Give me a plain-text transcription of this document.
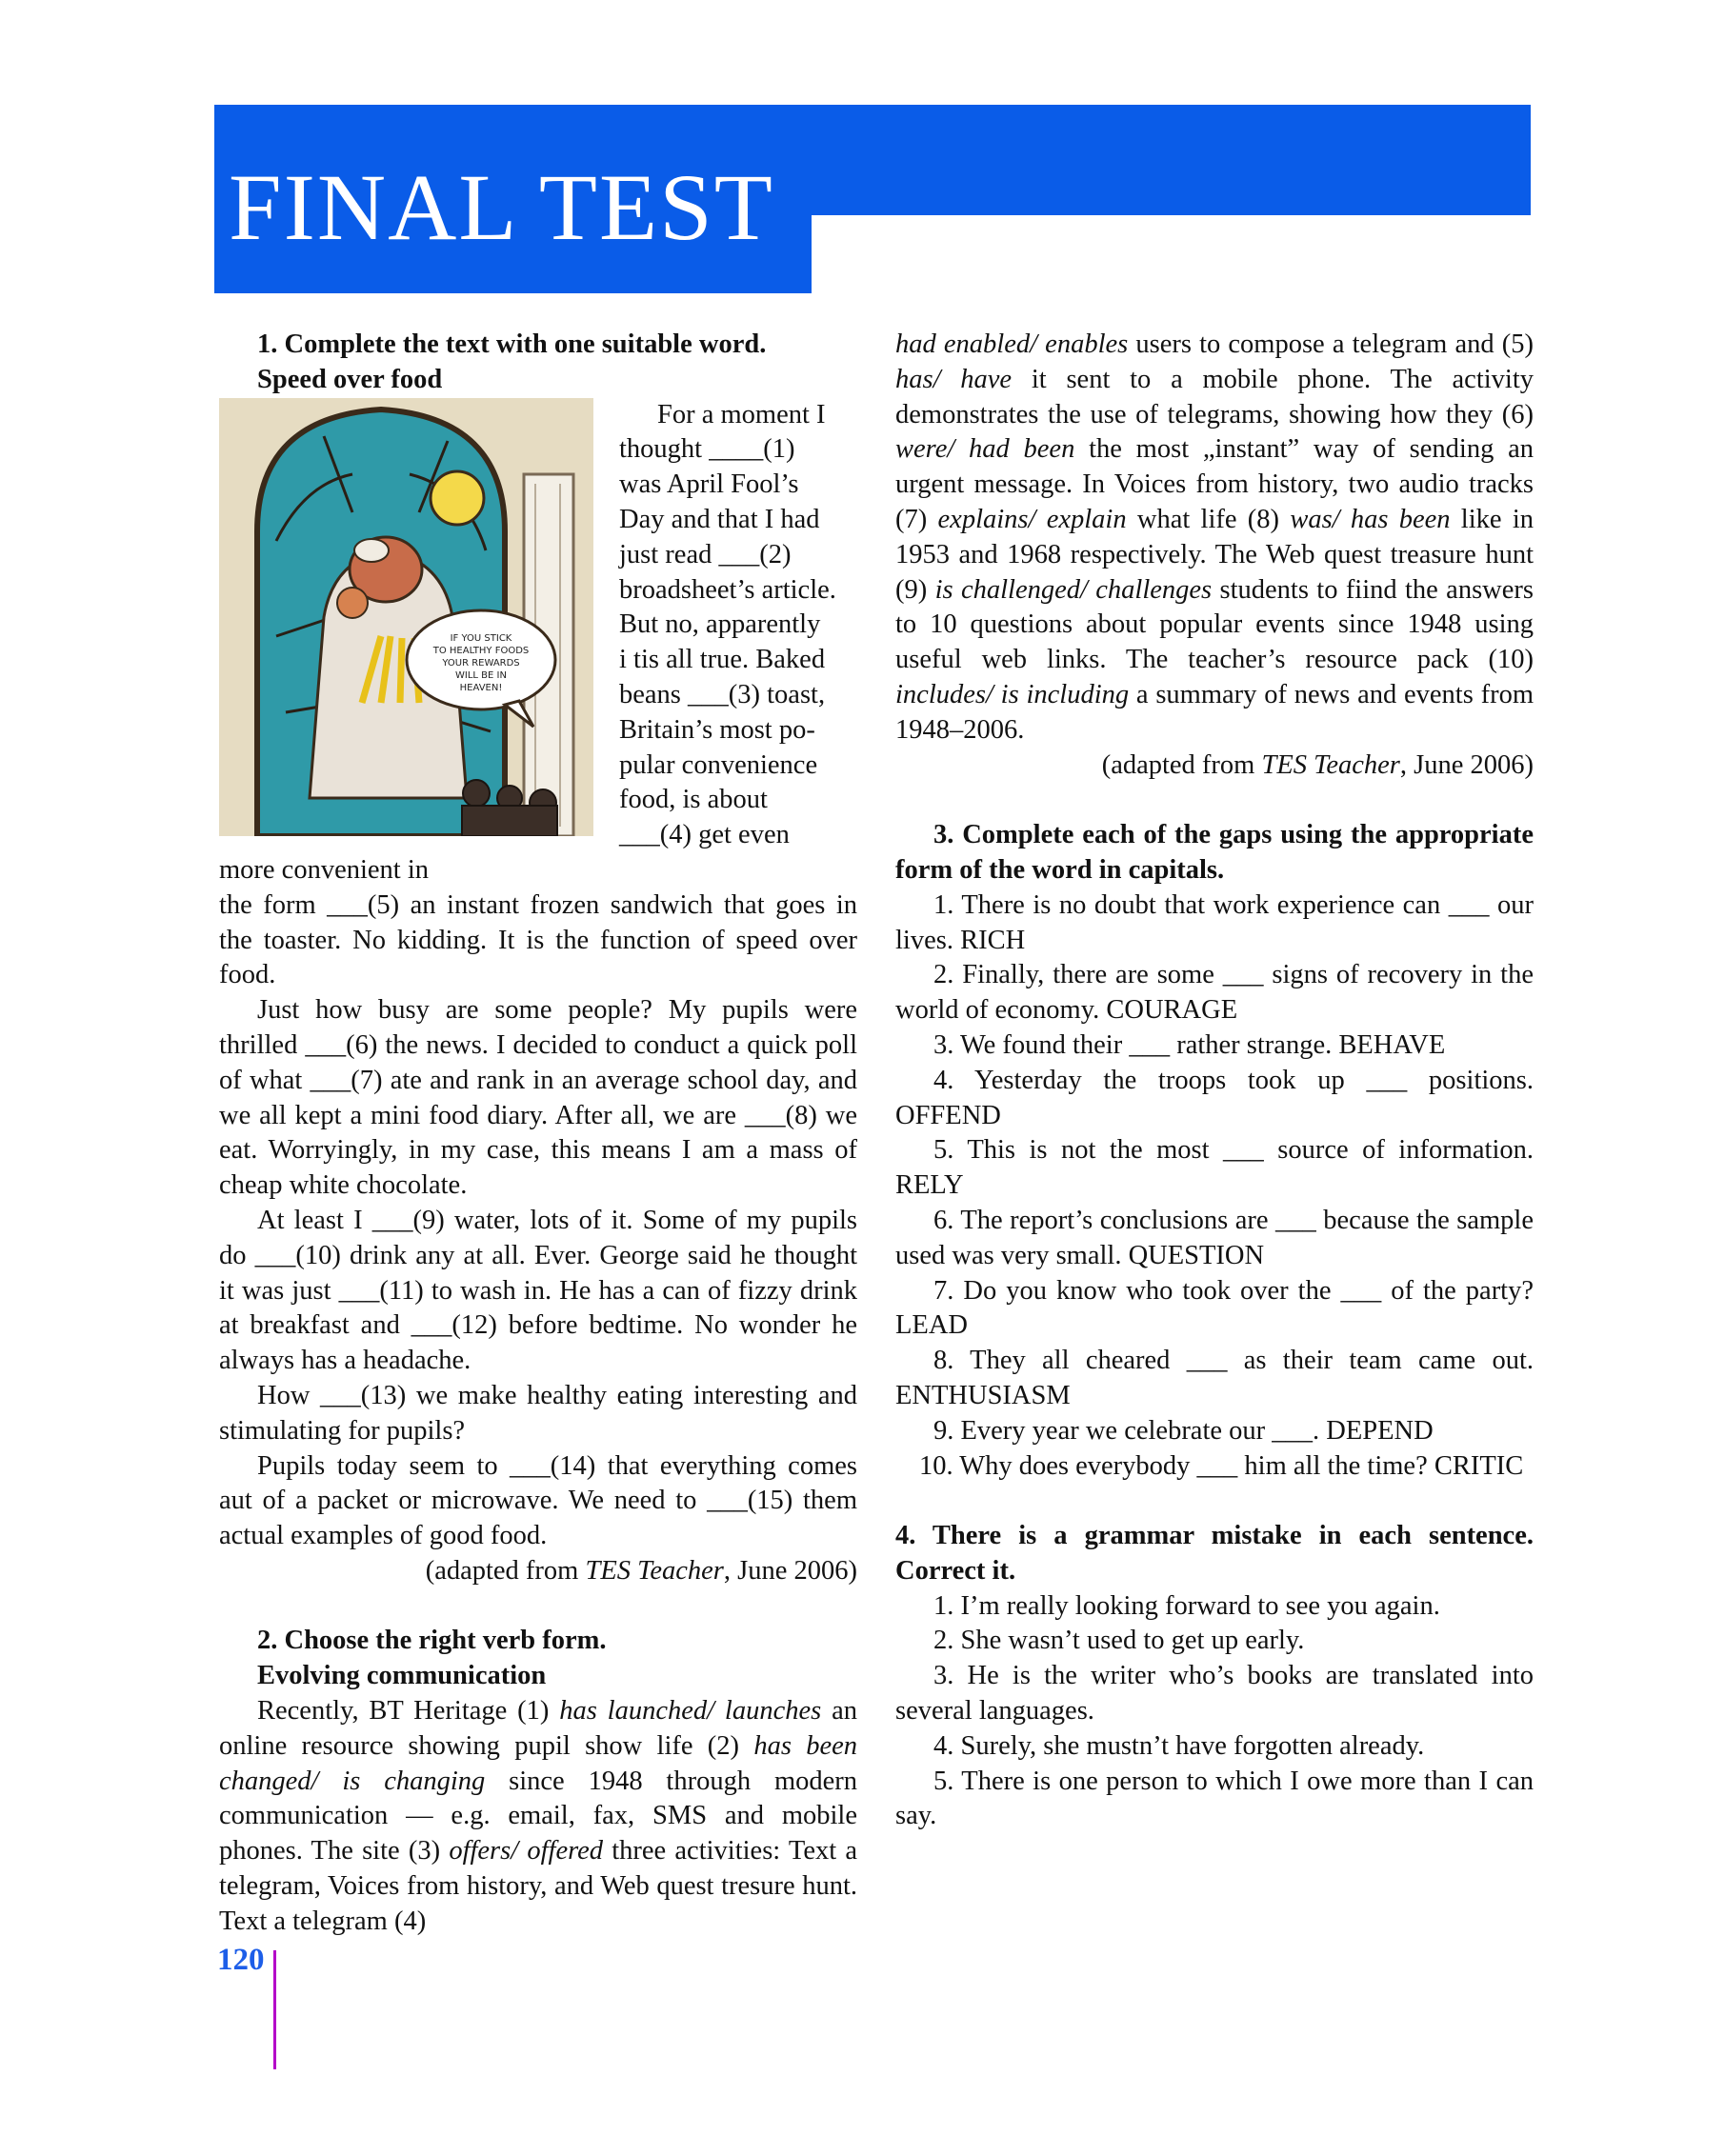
FINAL TEST

1. Complete the text with one suitable word.

Speed over food

IF YOU STICK
TO HEALTHY FOODS
YOUR REWARDS
WILL BE IN
HEAVEN!

For a moment I

thought ____(1)

was April Fool’s

Day and that I had

just read ___(2)

broadsheet’s article.

But no, apparently

i tis all true. Baked

beans ___(3) toast,

Britain’s most po-

pular convenience

food, is about

___(4) get even

more convenient in

the form ___(5) an instant frozen sandwich that goes in the toaster. No kidding. It is the function of speed over food.

Just how busy are some people? My pupils were thrilled ___(6) the news. I decided to conduct a quick poll of what ___(7) ate and rank in an average school day, and we all kept a mini food diary. After all, we are ___(8) we eat. Worryingly, in my case, this means I am a mass of cheap white chocolate.

At least I ___(9) water, lots of it. Some of my pupils do ___(10) drink any at all. Ever. George said he thought it was just ___(11) to wash in. He has a can of fizzy drink at breakfast and ___(12) before bedtime. No wonder he always has a headache.

How ___(13) we make healthy eating interesting and stimulating for pupils?

Pupils today seem to ___(14) that everything comes aut of a packet or microwave. We need to ___(15) them actual examples of good food.

(adapted from TES Teacher, June 2006)

2. Choose the right verb form.

Evolving communication

Recently, BT Heritage (1) has launched/ launches an online resource showing pupil show life (2) has been changed/ is changing since 1948 through modern communication — e.g. email, fax, SMS and mobile phones. The site (3) offers/ offered three activities: Text a telegram, Voices from history, and Web quest tresure hunt. Text a telegram (4)

had enabled/ enables users to compose a telegram and (5) has/ have it sent to a mobile phone. The activity demonstrates the use of telegrams, showing how they (6) were/ had been the most „instant” way of sending an urgent message. In Voices from history, two audio tracks (7) explains/ explain what life (8) was/ has been like in 1953 and 1968 respectively. The Web quest treasure hunt (9) is challenged/ challenges students to fiind the answers to 10 questions about popular events since 1948 using useful web links. The teacher’s resource pack (10) includes/ is including a summary of news and events from 1948–2006.

(adapted from TES Teacher, June 2006)

3. Complete each of the gaps using the appropriate form of the word in capitals.

1. There is no doubt that work experience can ___ our lives. RICH

2. Finally, there are some ___ signs of recovery in the world of economy. COURAGE

3. We found their ___ rather strange. BEHAVE

4. Yesterday the troops took up ___ positions. OFFEND

5. This is not the most ___ source of information. RELY

6. The report’s conclusions are ___ because the sample used was very small. QUESTION

7. Do you know who took over the ___ of the party? LEAD

8. They all cheared ___ as their team came out. ENTHUSIASM

9. Every year we celebrate our ___. DEPEND

10. Why does everybody ___ him all the time? CRITIC

4. There is a grammar mistake in each sentence. Correct it.

1. I’m really looking forward to see you again.

2. She wasn’t used to get up early.

3. He is the writer who’s books are translated into several languages.

4. Surely, she mustn’t have forgotten already.

5. There is one person to which I owe more than I can say.

120
